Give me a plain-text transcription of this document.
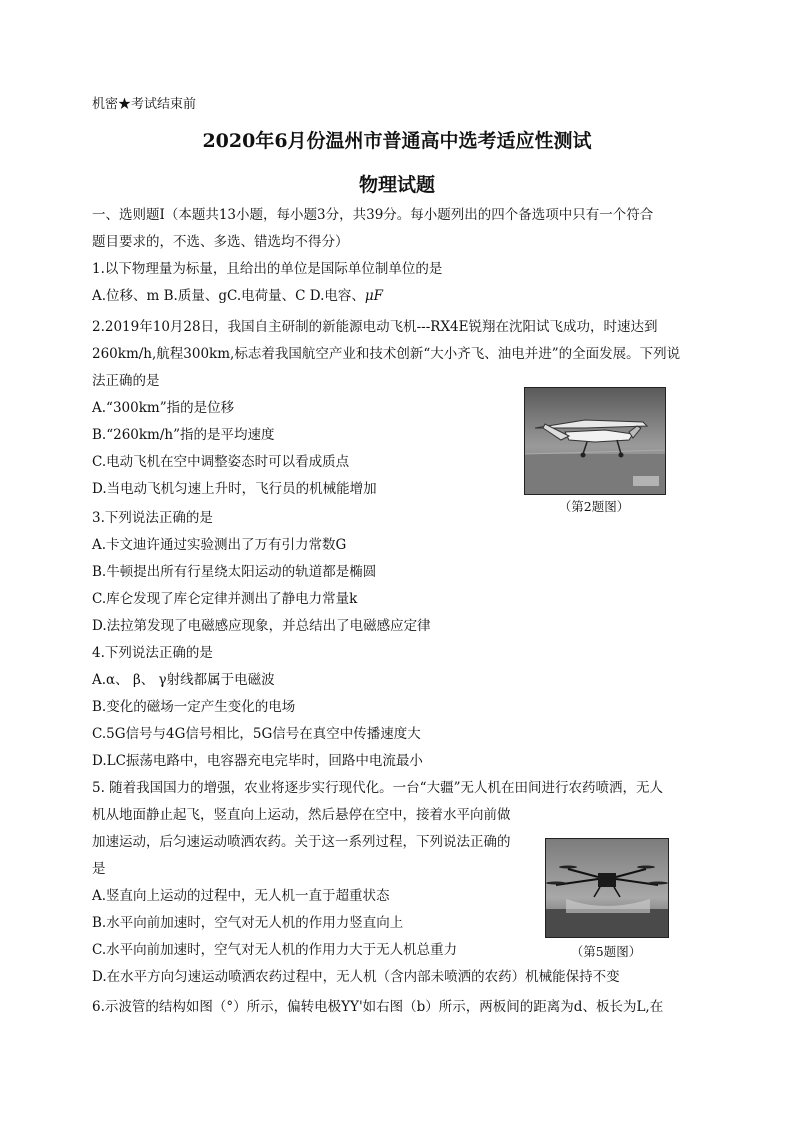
机密★考试结束前
2020年6月份温州市普通高中选考适应性测试
物理试题
一、选则题Ⅰ（本题共13小题，每小题3分，共39分。每小题列出的四个备选项中只有一个符合
题目要求的，不选、多选、错选均不得分）
1.以下物理量为标量，且给出的单位是国际单位制单位的是
A.位移、m B.质量、gC.电荷量、C D.电容、μF
2.2019年10月28日，我国自主研制的新能源电动飞机---RX4E锐翔在沈阳试飞成功，时速达到
260km/h,航程300km,标志着我国航空产业和技术创新“大小齐飞、油电并进”的全面发展。下列说
法正确的是
A.“300km”指的是位移
B.“260km/h”指的是平均速度
C.电动飞机在空中调整姿态时可以看成质点
D.当电动飞机匀速上升时，飞行员的机械能增加
（第2题图）
3.下列说法正确的是
A.卡文迪许通过实验测出了万有引力常数G
B.牛顿提出所有行星绕太阳运动的轨道都是椭圆
C.库仑发现了库仑定律并测出了静电力常量k
D.法拉第发现了电磁感应现象，并总结出了电磁感应定律
4.下列说法正确的是
A.α、 β、 γ射线都属于电磁波
B.变化的磁场一定产生变化的电场
C.5G信号与4G信号相比，5G信号在真空中传播速度大
D.LC振荡电路中，电容器充电完毕时，回路中电流最小
5. 随着我国国力的增强，农业将逐步实行现代化。一台“大疆”无人机在田间进行农药喷洒，无人
机从地面静止起飞，竖直向上运动，然后悬停在空中，接着水平向前做
加速运动，后匀速运动喷洒农药。关于这一系列过程，下列说法正确的
是
A.竖直向上运动的过程中，无人机一直于超重状态
B.水平向前加速时，空气对无人机的作用力竖直向上
C.水平向前加速时，空气对无人机的作用力大于无人机总重力
D.在水平方向匀速运动喷洒农药过程中，无人机（含内部未喷洒的农药）机械能保持不变
（第5题图）
6.示波管的结构如图（°）所示，偏转电极YY'如右图（b）所示，两板间的距离为d、板长为L,在
